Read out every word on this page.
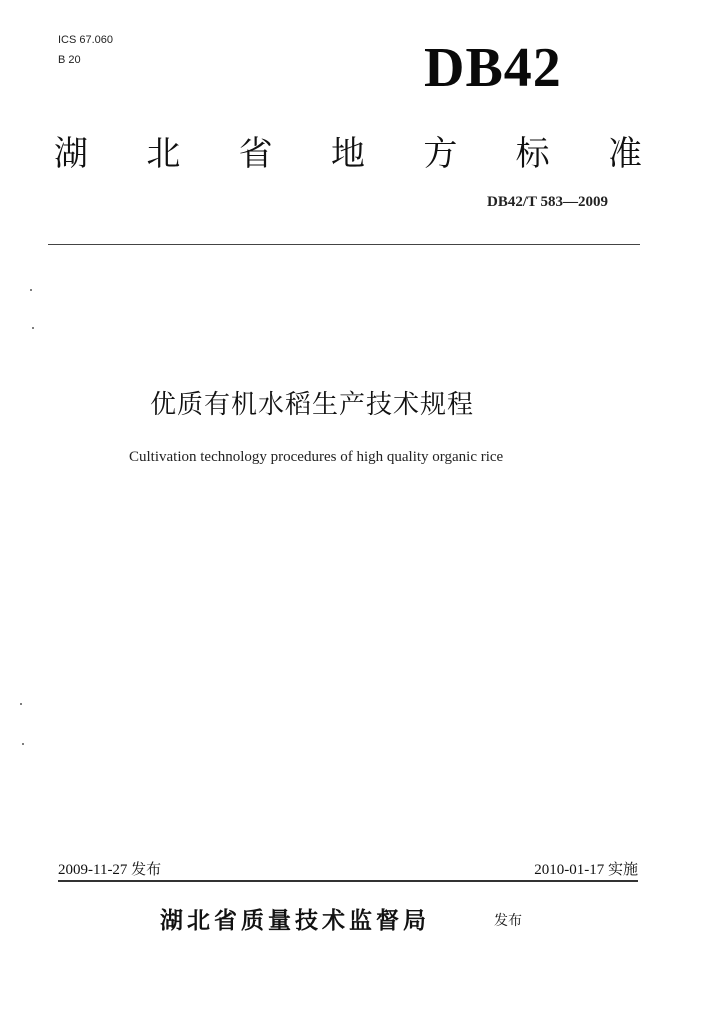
ICS 67.060
B 20	DB42
湖 北 省 地 方 标 准
DB42/T 583—2009
优质有机水稻生产技术规程
Cultivation technology procedures of high quality organic rice
2009-11-27 发布	2010-01-17 实施
湖北省质量技术监督局	发布
